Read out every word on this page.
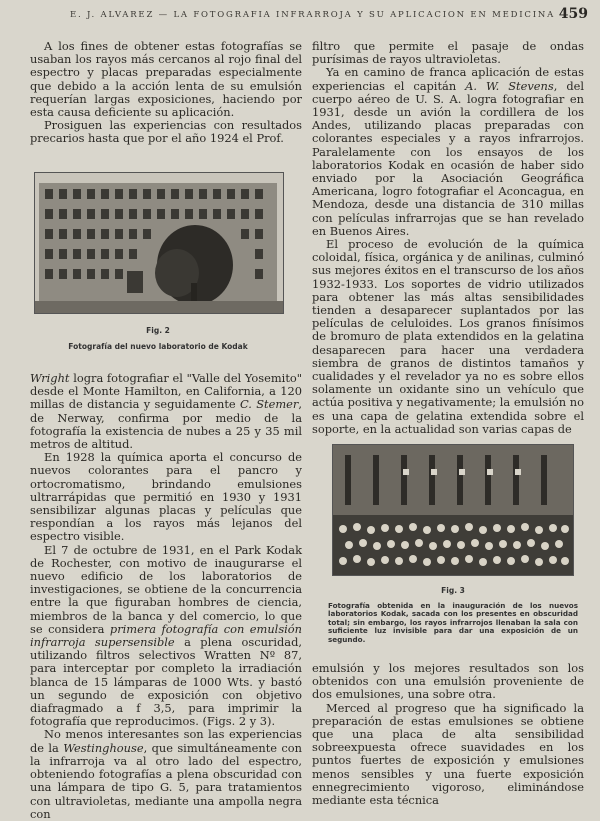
E. J. ALVAREZ — LA FOTOGRAFIA INFRARROJA Y SU APLICACION EN MEDICINA 459

A los fines de obtener estas fotografías se usaban los rayos más cercanos al rojo final del espectro y placas preparadas especialmente que debido a la acción lenta de su emulsión requerían largas exposiciones, haciendo por esta causa deficiente su aplicación.

Prosiguen las experiencias con resultados precarios hasta que por el año 1924 el Prof.

Fig. 2
Fotografía del nuevo laboratorio de Kodak

Wright logra fotografiar el "Valle del Yosemito" desde el Monte Hamilton, en California, a 120 millas de distancia y seguidamente C. Stemer, de Nerway, confirma por medio de la fotografía la existencia de nubes a 25 y 35 mil metros de altitud.

En 1928 la química aporta el concurso de nuevos colorantes para el pancro y ortocromatismo, brindando emulsiones ultrarrápidas que permitió en 1930 y 1931 sensibilizar algunas placas y películas que respondían a los rayos más lejanos del espectro visible.

El 7 de octubre de 1931, en el Park Kodak de Rochester, con motivo de inaugurarse el nuevo edificio de los laboratorios de investigaciones, se obtiene de la concurrencia entre la que figuraban hombres de ciencia, miembros de la banca y del comercio, lo que se considera primera fotografía con emulsión infrarroja supersensible a plena oscuridad, utilizando filtros selectivos Wratten Nº 87, para interceptar por completo la irradiación blanca de 15 lámparas de 1000 Wts. y bastó un segundo de exposición con objetivo diafragmado a f 3,5, para imprimir la fotografía que reproducimos. (Figs. 2 y 3).

No menos interesantes son las experiencias de la Westinghouse, que simultáneamente con la infrarroja va al otro lado del espectro, obteniendo fotografías a plena obscuridad con una lámpara de tipo G. 5, para tratamientos con ultravioletas, mediante una ampolla negra con

filtro que permite el pasaje de ondas purísimas de rayos ultravioletas.

Ya en camino de franca aplicación de estas experiencias el capitán A. W. Stevens, del cuerpo aéreo de U. S. A. logra fotografiar en 1931, desde un avión la cordillera de los Andes, utilizando placas preparadas con colorantes especiales y a rayos infrarrojos. Paralelamente con los ensayos de los laboratorios Kodak en ocasión de haber sido enviado por la Asociación Geográfica Americana, logro fotografiar el Aconcagua, en Mendoza, desde una distancia de 310 millas con películas infrarrojas que se han revelado en Buenos Aires.

El proceso de evolución de la química coloidal, física, orgánica y de anilinas, culminó sus mejores éxitos en el transcurso de los años 1932-1933. Los soportes de vidrio utilizados para obtener las más altas sensibilidades tienden a desaparecer suplantados por las películas de celuloides. Los granos finísimos de bromuro de plata extendidos en la gelatina desaparecen para hacer una verdadera siembra de granos de distintos tamaños y cualidades y el revelador ya no es sobre ellos solamente un oxidante sino un vehículo que actúa positiva y negativamente; la emulsión no es una capa de gelatina extendida sobre el soporte, en la actualidad son varias capas de

Fig. 3
Fotografía obtenida en la inauguración de los nuevos laboratorios Kodak, sacada con los presentes en obscuridad total; sin embargo, los rayos infrarrojos llenaban la sala con suficiente luz invisible para dar una exposición de un segundo.

emulsión y los mejores resultados son los obtenidos con una emulsión proveniente de dos emulsiones, una sobre otra.

Merced al progreso que ha significado la preparación de estas emulsiones se obtiene que una placa de alta sensibilidad sobreexpuesta ofrece suavidades en los puntos fuertes de exposición y emulsiones menos sensibles y una fuerte exposición ennegrecimiento vigoroso, eliminándose mediante esta técnica
